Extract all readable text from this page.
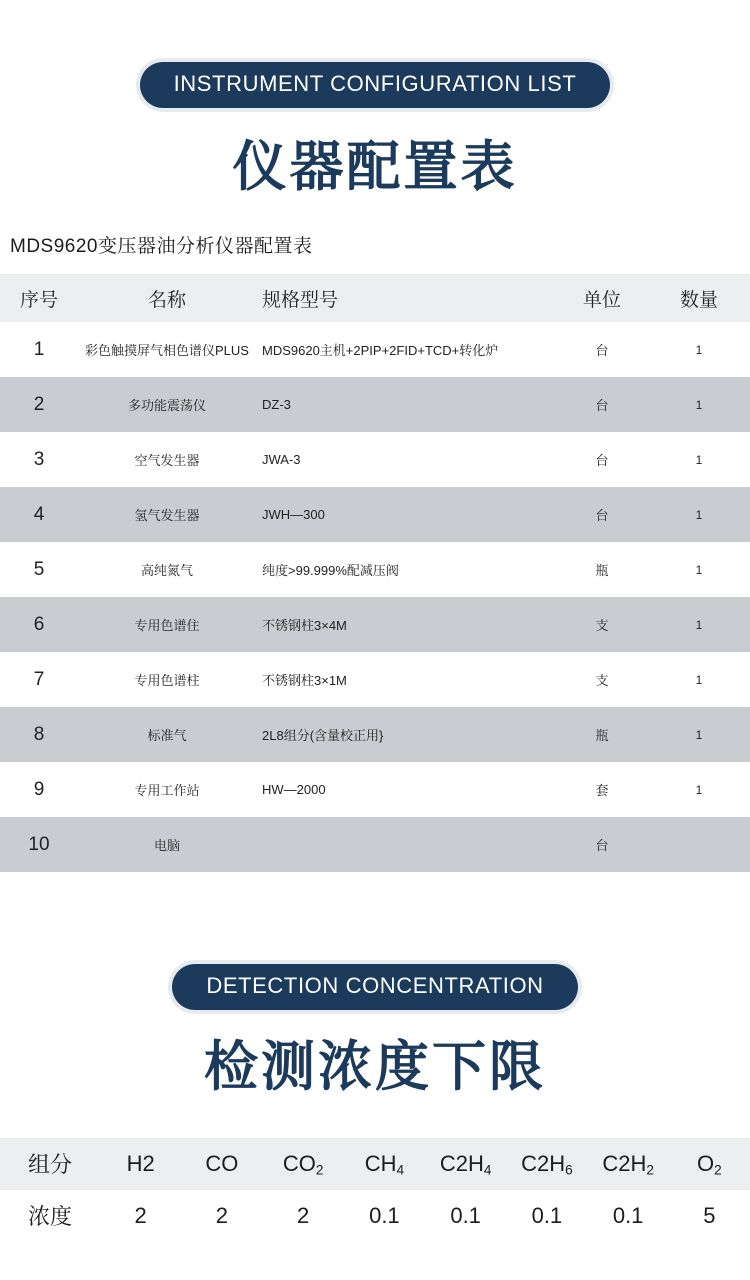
INSTRUMENT CONFIGURATION LIST
仪器配置表
MDS9620变压器油分析仪器配置表
序号	名称	规格型号	单位	数量
1	彩色触摸屏气相色谱仪PLUS	MDS9620主机+2PIP+2FID+TCD+转化炉	台	1
2	多功能震荡仪	DZ-3	台	1
3	空气发生器	JWA-3	台	1
4	氢气发生器	JWH—300	台	1
5	高纯氮气	纯度>99.999%配减压阀	瓶	1
6	专用色谱住	不锈钢柱3×4M	支	1
7	专用色谱柱	不锈钢柱3×1M	支	1
8	标准气	2L8组分(含量校正用}	瓶	1
9	专用工作站	HW—2000	套	1
10	电脑		台	
DETECTION CONCENTRATION
检测浓度下限
组分	H2	CO	$CO_2$	$CH_4$	$C2H_4$	$C2H_6$	$C2H_2$	$O_2$
浓度	2	2	2	0.1	0.1	0.1	0.1	5
